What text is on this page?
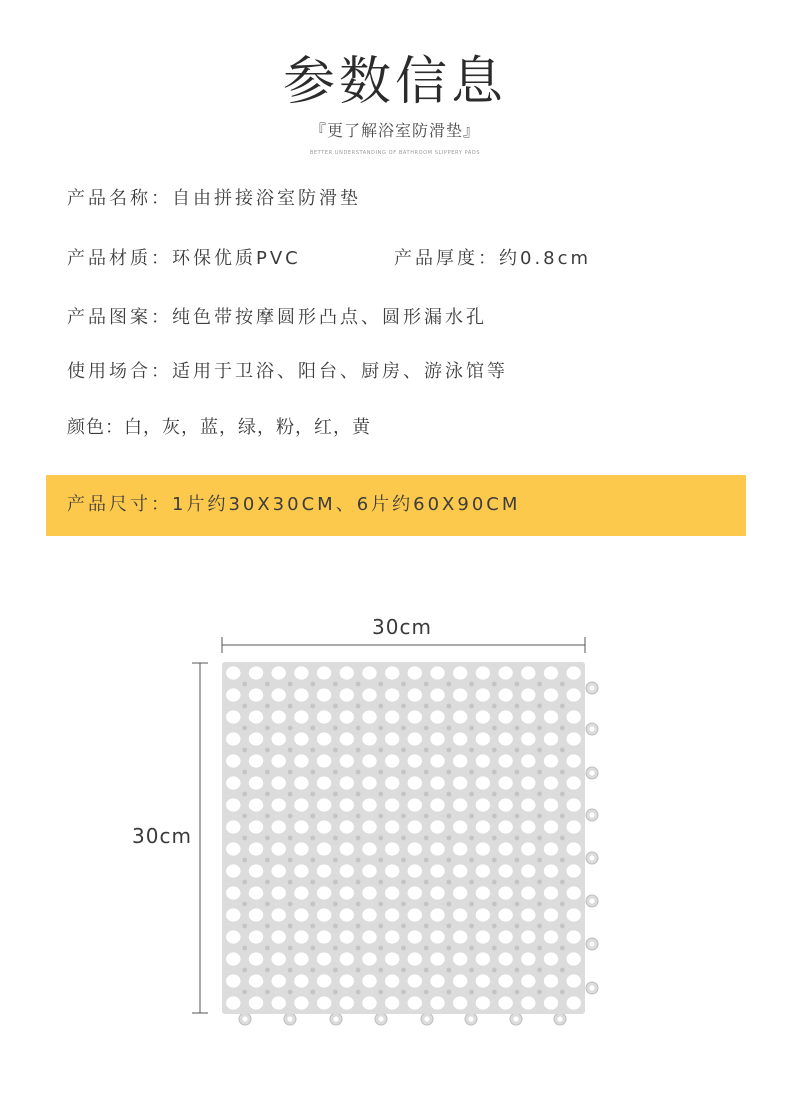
参数信息
『更了解浴室防滑垫』
BETTER UNDERSTANDING OF BATHROOM SLIPPERY PADS
产品名称：自由拼接浴室防滑垫
产品材质：环保优质PVC	产品厚度：约0.8cm
产品图案：纯色带按摩圆形凸点、圆形漏水孔
使用场合：适用于卫浴、阳台、厨房、游泳馆等
颜色：白，灰，蓝，绿，粉，红，黄
产品尺寸：1片约30X30CM、6片约60X90CM
30cm
30cm
